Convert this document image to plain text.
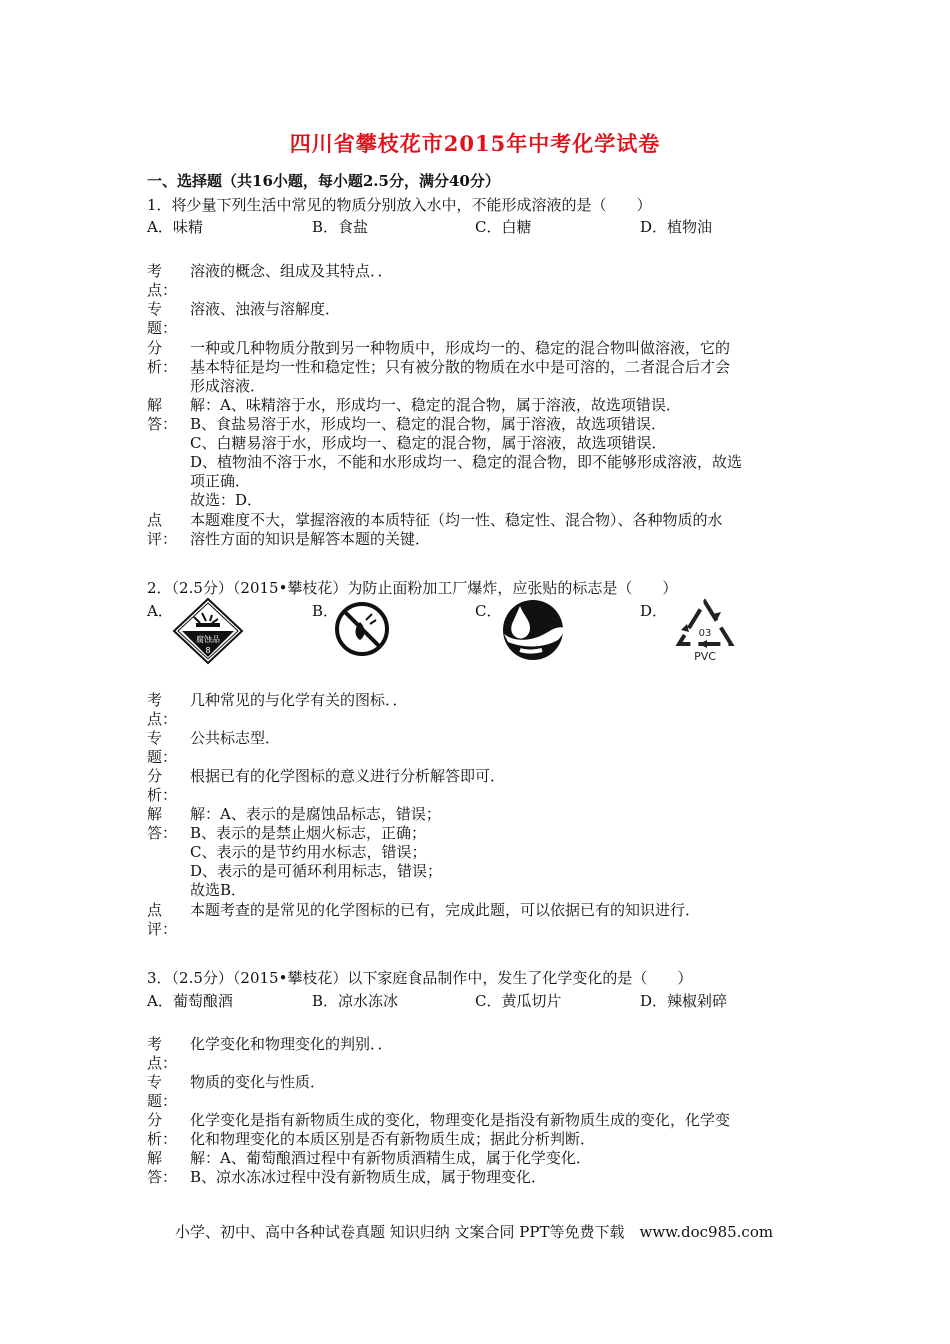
四川省攀枝花市2015年中考化学试卷
一、选择题（共16小题，每小题2.5分，满分40分）
1．将少量下列生活中常见的物质分别放入水中，不能形成溶液的是（　　）
A．味精	B．食盐	C．白糖	D．植物油
考点：
溶液的概念、组成及其特点．．
专题：
溶液、浊液与溶解度．
分析：
一种或几种物质分散到另一种物质中，形成均一的、稳定的混合物叫做溶液，它的
基本特征是均一性和稳定性；只有被分散的物质在水中是可溶的，二者混合后才会
形成溶液．
解答：
解：A、味精溶于水，形成均一、稳定的混合物，属于溶液，故选项错误．
B、食盐易溶于水，形成均一、稳定的混合物，属于溶液，故选项错误．
C、白糖易溶于水，形成均一、稳定的混合物，属于溶液，故选项错误．
D、植物油不溶于水，不能和水形成均一、稳定的混合物，即不能够形成溶液，故选
项正确．
故选：D．
点评：
本题难度不大，掌握溶液的本质特征（均一性、稳定性、混合物）、各种物质的水
溶性方面的知识是解答本题的关键．
2．（2.5分）（2015•攀枝花）为防止面粉加工厂爆炸，应张贴的标志是（　　）
A．	B．	C．	D．
腐蚀品
8
03
PVC
考点：
几种常见的与化学有关的图标．．
专题：
公共标志型．
分析：
根据已有的化学图标的意义进行分析解答即可．
解答：
解：A、表示的是腐蚀品标志，错误；
B、表示的是禁止烟火标志，正确；
C、表示的是节约用水标志，错误；
D、表示的是可循环利用标志，错误；
故选B．
点评：
本题考查的是常见的化学图标的已有，完成此题，可以依据已有的知识进行．
3．（2.5分）（2015•攀枝花）以下家庭食品制作中，发生了化学变化的是（　　）
A．葡萄酿酒	B．凉水冻冰	C．黄瓜切片	D．辣椒剁碎
考点：
化学变化和物理变化的判别．．
专题：
物质的变化与性质．
分析：
化学变化是指有新物质生成的变化，物理变化是指没有新物质生成的变化，化学变
化和物理变化的本质区别是否有新物质生成；据此分析判断．
解答：
解：A、葡萄酿酒过程中有新物质酒精生成，属于化学变化．
B、凉水冻冰过程中没有新物质生成，属于物理变化．
小学、初中、高中各种试卷真题 知识归纳 文案合同 PPT等免费下载　www.doc985.com
